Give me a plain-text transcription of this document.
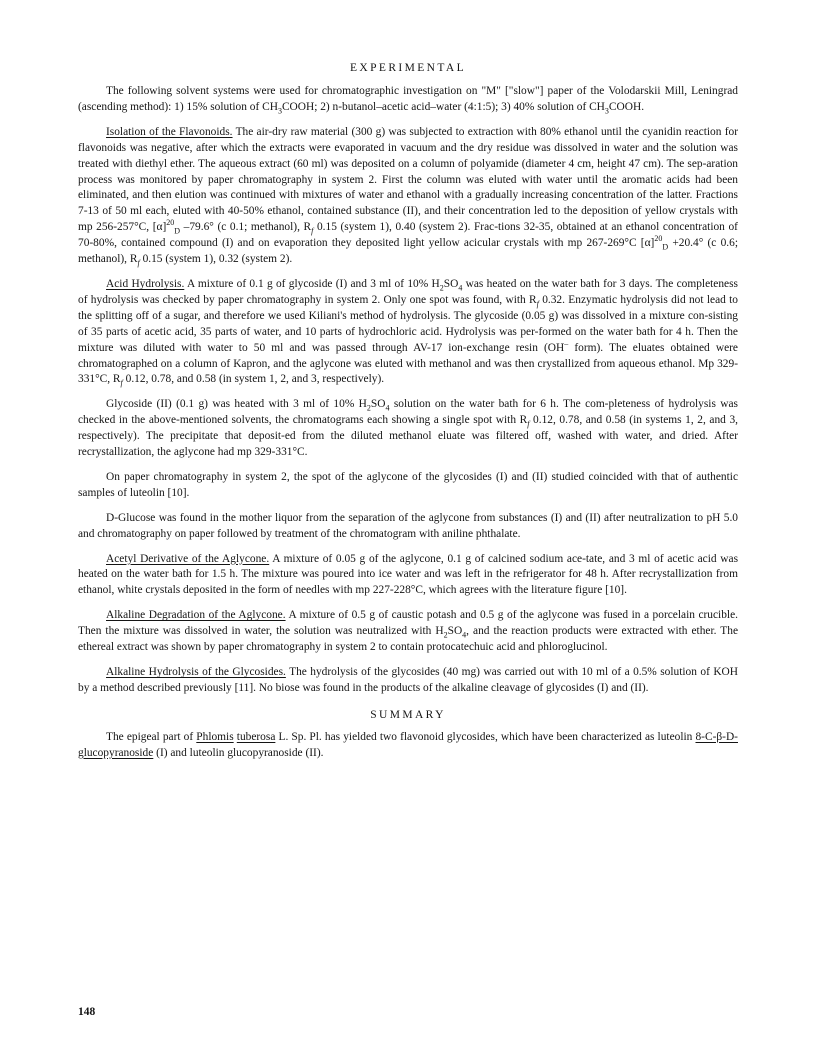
EXPERIMENTAL

The following solvent systems were used for chromatographic investigation on "M" ["slow"] paper of the Volodarskii Mill, Leningrad (ascending method): 1) 15% solution of $CH_3COOH$; 2) n-butanol–acetic acid–water (4:1:5); 3) 40% solution of $CH_3COOH$.

Isolation of the Flavonoids. The air-dry raw material (300 g) was subjected to extraction with 80% ethanol until the cyanidin reaction for flavonoids was negative, after which the extracts were evaporated in vacuum and the dry residue was dissolved in water and the solution was treated with diethyl ether. The aqueous extract (60 ml) was deposited on a column of polyamide (diameter 4 cm, height 47 cm). The sep-aration process was monitored by paper chromatography in system 2. First the column was eluted with water until the aromatic acids had been eliminated, and then elution was continued with mixtures of water and ethanol with a gradually increasing concentration of the latter. Fractions 7-13 of 50 ml each, eluted with 40-50% ethanol, contained substance (II), and their concentration led to the deposition of yellow crystals with mp 256-257°C, $[\alpha]^{20}_D$ –79.6° (c 0.1; methanol), $R_f$ 0.15 (system 1), 0.40 (system 2). Frac-tions 32-35, obtained at an ethanol concentration of 70-80%, contained compound (I) and on evaporation they deposited light yellow acicular crystals with mp 267-269°C $[\alpha]^{20}_D +20.4^\circ$ (c 0.6; methanol), $R_f$ 0.15 (system 1), 0.32 (system 2).

Acid Hydrolysis. A mixture of 0.1 g of glycoside (I) and 3 ml of 10% $H_2SO_4$ was heated on the water bath for 3 days. The completeness of hydrolysis was checked by paper chromatography in system 2. Only one spot was found, with $R_f$ 0.32. Enzymatic hydrolysis did not lead to the splitting off of a sugar, and therefore we used Kiliani's method of hydrolysis. The glycoside (0.05 g) was dissolved in a mixture con-sisting of 35 parts of acetic acid, 35 parts of water, and 10 parts of hydrochloric acid. Hydrolysis was per-formed on the water bath for 4 h. Then the mixture was diluted with water to 50 ml and was passed through AV-17 ion-exchange resin (OH– form). The eluates obtained were chromatographed on a column of Kapron, and the aglycone was eluted with methanol and was then crystallized from aqueous ethanol. Mp 329-331°C, $R_f$ 0.12, 0.78, and 0.58 (in system 1, 2, and 3, respectively).

Glycoside (II) (0.1 g) was heated with 3 ml of 10% $H_2SO_4$ solution on the water bath for 6 h. The com-pleteness of hydrolysis was checked in the above-mentioned solvents, the chromatograms each showing a single spot with $R_f$ 0.12, 0.78, and 0.58 (in systems 1, 2, and 3, respectively). The precipitate that deposit-ed from the diluted methanol eluate was filtered off, washed with water, and dried. After recrystallization, the aglycone had mp 329-331°C.

On paper chromatography in system 2, the spot of the aglycone of the glycosides (I) and (II) studied coincided with that of authentic samples of luteolin [10].

D-Glucose was found in the mother liquor from the separation of the aglycone from substances (I) and (II) after neutralization to pH 5.0 and chromatography on paper followed by treatment of the chromatogram with aniline phthalate.

Acetyl Derivative of the Aglycone. A mixture of 0.05 g of the aglycone, 0.1 g of calcined sodium ace-tate, and 3 ml of acetic acid was heated on the water bath for 1.5 h. The mixture was poured into ice water and was left in the refrigerator for 48 h. After recrystallization from ethanol, white crystals deposited in the form of needles with mp 227-228°C, which agrees with the literature figure [10].

Alkaline Degradation of the Aglycone. A mixture of 0.5 g of caustic potash and 0.5 g of the aglycone was fused in a porcelain crucible. Then the mixture was dissolved in water, the solution was neutralized with $H_2SO_4$, and the reaction products were extracted with ether. The ethereal extract was shown by paper chromatography in system 2 to contain protocatechuic acid and phloroglucinol.

Alkaline Hydrolysis of the Glycosides. The hydrolysis of the glycosides (40 mg) was carried out with 10 ml of a 0.5% solution of KOH by a method described previously [11]. No biose was found in the products of the alkaline cleavage of glycosides (I) and (II).

SUMMARY

The epigeal part of Phlomis tuberosa L. Sp. Pl. has yielded two flavonoid glycosides, which have been characterized as luteolin 8-C-β-D-glucopyranoside (I) and luteolin glucopyranoside (II).

148
